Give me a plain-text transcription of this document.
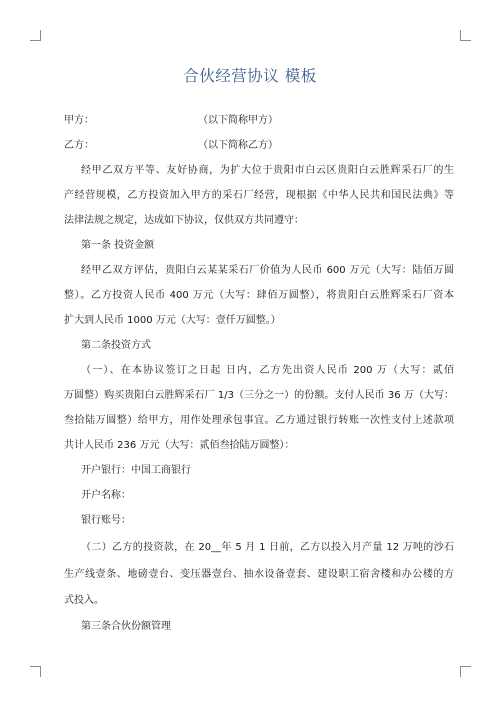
合伙经营协议 模板
甲方：	（以下简称甲方）
乙方：	（以下简称乙方）
经甲乙双方平等、友好协商，为扩大位于贵阳市白云区贵阳白云胜辉采石厂的生
产经营规模，乙方投资加入甲方的采石厂经营，现根据《中华人民共和国民法典》等
法律法规之规定，达成如下协议，仅供双方共同遵守：
第一条 投资金额
经甲乙双方评估，贵阳白云某某采石厂价值为人民币 600 万元（大写：陆佰万圆
整）。乙方投资人民币 400 万元（大写：肆佰万圆整），将贵阳白云胜辉采石厂资本
扩大到人民币 1000 万元（大写：壹仟万圆整。）
第二条投资方式
（一）、在本协议签订之日起 日内，乙方先出资人民币 200 万（大写：贰佰
万圆整）购买贵阳白云胜辉采石厂 1/3（三分之一）的份额。支付人民币 36 万（大写：
叁拾陆万圆整）给甲方，用作处理承包事宜。乙方通过银行转账一次性支付上述款项
共计人民币 236 万元（大写：贰佰叁拾陆万圆整）：
开户银行：中国工商银行
开户名称：
银行账号：
（二）乙方的投资款，在 20__年 5 月 1 日前，乙方以投入月产量 12 万吨的沙石
生产线壹条、地磅壹台、变压器壹台、抽水设备壹套、建设职工宿舍楼和办公楼的方
式投入。
第三条合伙份额管理
